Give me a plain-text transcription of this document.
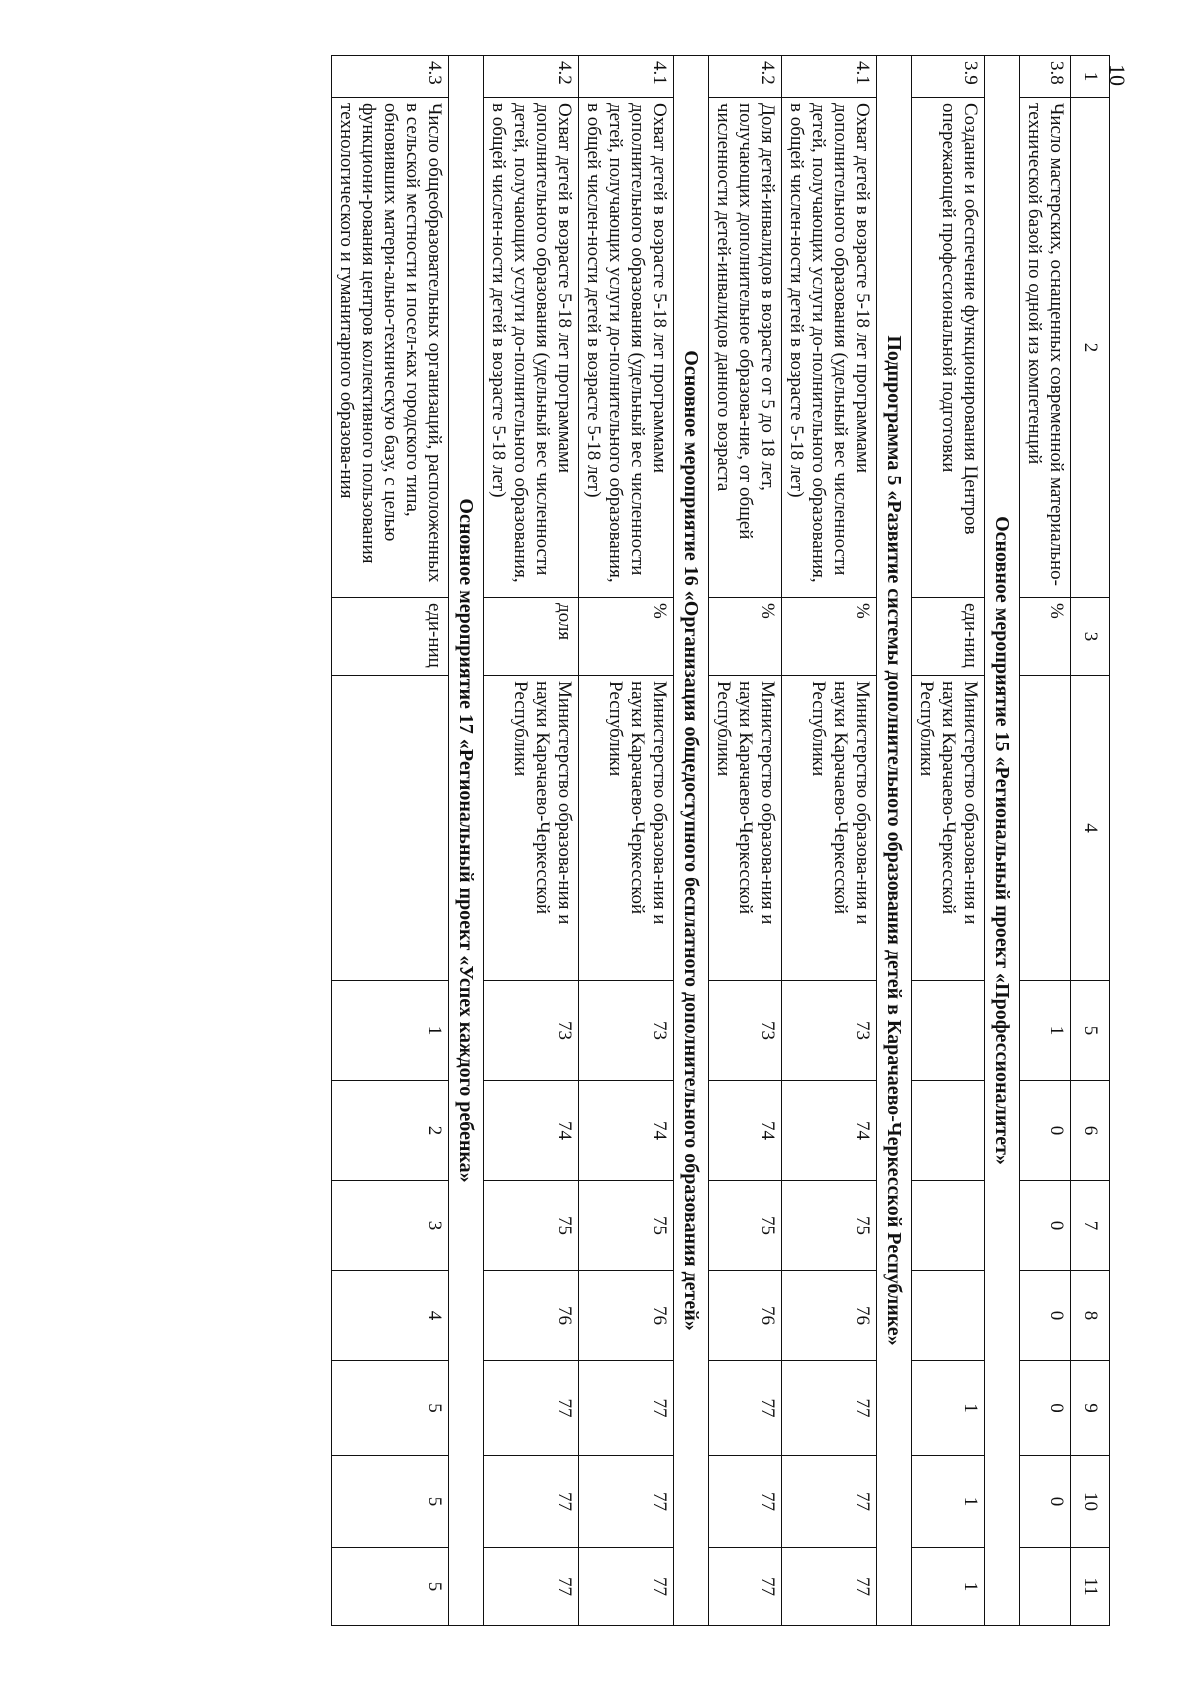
10
1	2	3	4	5	6	7	8	9	10	11
3.8	Число мастерских, оснащенных современной материально-технической базой по одной из компетенций	%		1	0	0	0	0	0	
Основное мероприятие 15 «Региональный проект «Профессионалитет»										
3.9	Создание и обеспечение функционирования Центров опережающей профессиональной подготовки	еди-ниц	Министерство образова-ния и науки Карачаево-Черкесской Республики					1	1	1
Подпрограмма 5 «Развитие системы дополнительного образования детей в Карачаево-Черкесской Республике»										
4.1	Охват детей в возрасте 5-18 лет программами дополнительного образования (удельный вес численности детей, получающих услуги до-полнительного образования, в общей числен-ности детей в возрасте 5-18 лет)	%	Министерство образова-ния и науки Карачаево-Черкесской Республики	73	74	75	76	77	77	77
4.2	Доля детей-инвалидов в возрасте от 5 до 18 лет, получающих дополнительное образова-ние, от общей численности детей-инвалидов данного возраста	%	Министерство образова-ния и науки Карачаево-Черкесской Республики	73	74	75	76	77	77	77
Основное мероприятие 16 «Организация общедоступного бесплатного дополнительного образования детей»										
4.1	Охват детей в возрасте 5-18 лет программами дополнительного образования (удельный вес численности детей, получающих услуги до-полнительного образования, в общей числен-ности детей в возрасте 5-18 лет)	%	Министерство образова-ния и науки Карачаево-Черкесской Республики	73	74	75	76	77	77	77
4.2	Охват детей в возрасте 5-18 лет программами дополнительного образования (удельный вес численности детей, получающих услуги до-полнительного образования, в общей числен-ности детей в возрасте 5-18 лет)	доля	Министерство образова-ния и науки Карачаево-Черкесской Республики	73	74	75	76	77	77	77
Основное мероприятие 17 «Региональный проект «Успех каждого ребенка»										
4.3	Число общеобразовательных организаций, расположенных в сельской местности и посел-ках городского типа, обновивших матери-ально-техническую базу, с целью функциони-рования центров коллективного пользования технологического и гуманитарного образова-ния	еди-ниц		1	2	3	4	5	5	5
